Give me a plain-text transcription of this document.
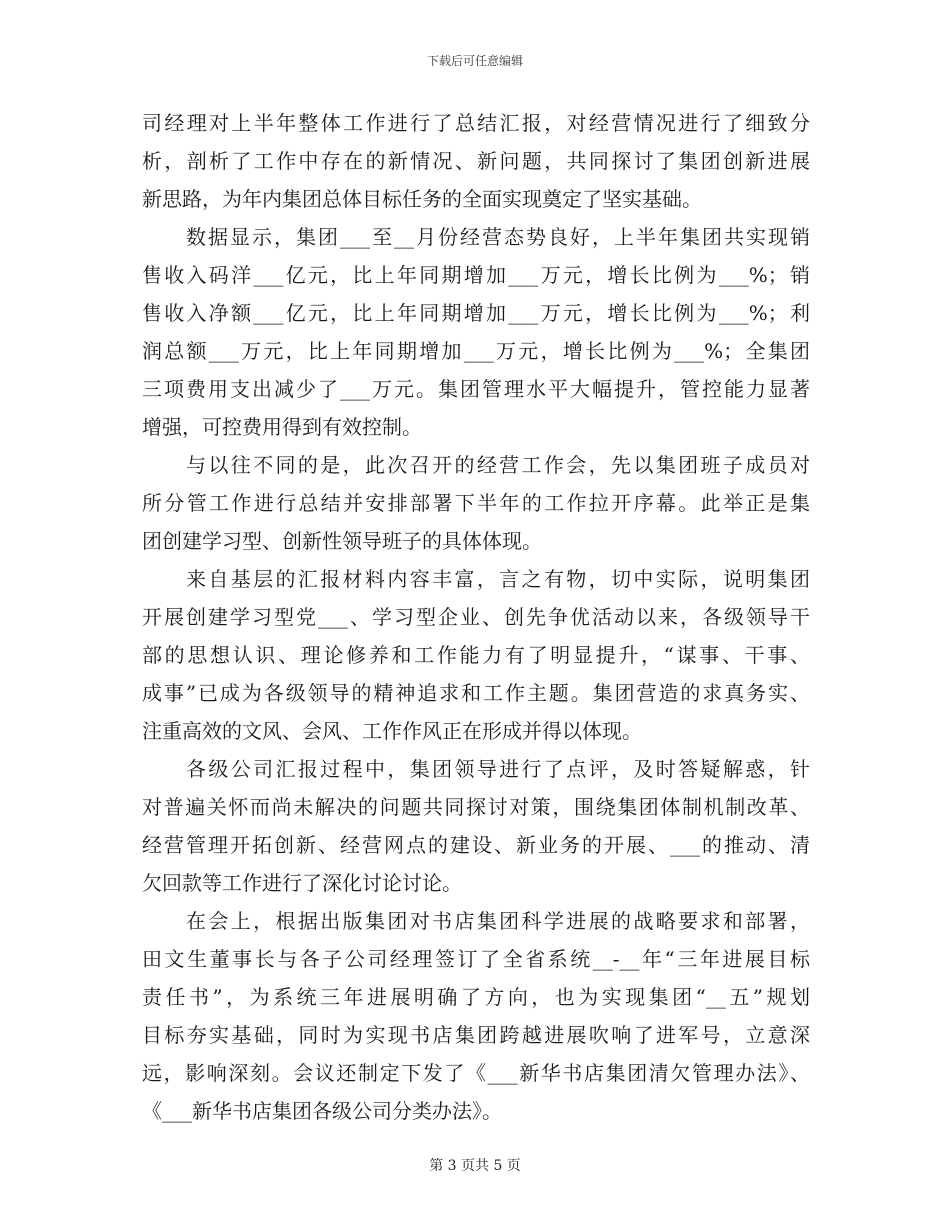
下载后可任意编辑
司经理对上半年整体工作进行了总结汇报，对经营情况进行了细致分
析，剖析了工作中存在的新情况、新问题，共同探讨了集团创新进展
新思路，为年内集团总体目标任务的全面实现奠定了坚实基础。
数据显示，集团___至__月份经营态势良好，上半年集团共实现销
售收入码洋___亿元，比上年同期增加___万元，增长比例为___%；销
售收入净额___亿元，比上年同期增加___万元，增长比例为___%；利
润总额___万元，比上年同期增加___万元，增长比例为___%；全集团
三项费用支出减少了___万元。集团管理水平大幅提升，管控能力显著
增强，可控费用得到有效控制。
与以往不同的是，此次召开的经营工作会，先以集团班子成员对
所分管工作进行总结并安排部署下半年的工作拉开序幕。此举正是集
团创建学习型、创新性领导班子的具体体现。
来自基层的汇报材料内容丰富，言之有物，切中实际，说明集团
开展创建学习型党___、学习型企业、创先争优活动以来，各级领导干
部的思想认识、理论修养和工作能力有了明显提升，“谋事、干事、
成事”已成为各级领导的精神追求和工作主题。集团营造的求真务实、
注重高效的文风、会风、工作作风正在形成并得以体现。
各级公司汇报过程中，集团领导进行了点评，及时答疑解惑，针
对普遍关怀而尚未解决的问题共同探讨对策，围绕集团体制机制改革、
经营管理开拓创新、经营网点的建设、新业务的开展、___的推动、清
欠回款等工作进行了深化讨论讨论。
在会上，根据出版集团对书店集团科学进展的战略要求和部署，
田文生董事长与各子公司经理签订了全省系统__-__年“三年进展目标
责任书”，为系统三年进展明确了方向，也为实现集团“__五”规划
目标夯实基础，同时为实现书店集团跨越进展吹响了进军号，立意深
远，影响深刻。会议还制定下发了《___新华书店集团清欠管理办法》、
《___新华书店集团各级公司分类办法》。
第 3 页共 5 页
